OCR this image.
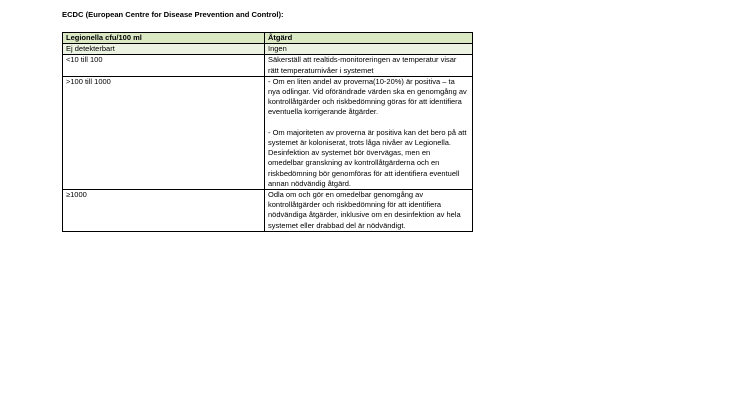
ECDC (European Centre for Disease Prevention and Control):
Legionella cfu/100 ml	Åtgärd
Ej detekterbart	Ingen

<10 till 100	Säkerställ att realtids-monitoreringen av temperatur visar rätt temperaturnivåer i systemet

>100 till 1000	- Om en liten andel av proverna(10-20%) är positiva – ta nya odlingar. Vid oförändrade värden ska en genomgång av kontrollåtgärder och riskbedömning göras för att identifiera eventuella korrigerande åtgärder.
- Om majoriteten av proverna är positiva kan det bero på att systemet är koloniserat, trots låga nivåer av Legionella. Desinfektion av systemet bör övervägas, men en omedelbar granskning av kontrollåtgärderna och en riskbedömning bör genomföras för att identifiera eventuell annan nödvändig åtgärd.

≥1000	Odla om och gör en omedelbar genomgång av kontrollåtgärder och riskbedömning för att identifiera nödvändiga åtgärder, inklusive om en desinfektion av hela systemet eller drabbad del är nödvändigt.
